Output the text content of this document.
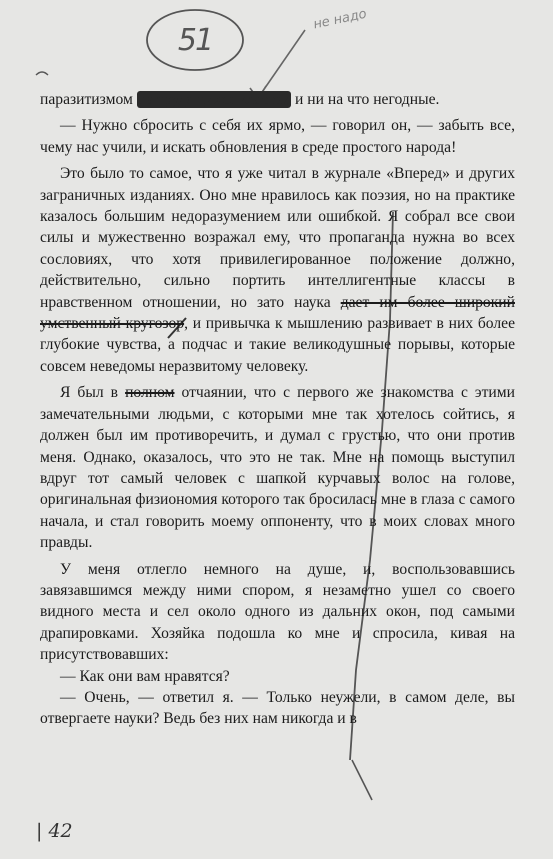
51
не надо

паразитизмом на трудящихся классах и ни на что негодные.

— Нужно сбросить с себя их ярмо, — говорил он, — забыть все, чему нас учили, и искать обновления в среде простого народа!

Это было то самое, что я уже читал в журнале «Вперед» и других заграничных изданиях. Оно мне нравилось как поэзия, но на практике казалось большим недоразумением или ошибкой. Я собрал все свои силы и мужественно возражал ему, что пропаганда нужна во всех сословиях, что хотя привилегированное положение должно, действительно, сильно портить интеллигентные классы в нравственном отношении, но зато наука дает им более широкий умственный кругозор, и привычка к мышлению развивает в них более глубокие чувства, а подчас и такие великодушные порывы, которые совсем неведомы неразвитому человеку.

Я был в полном отчаянии, что с первого же знакомства с этими замечательными людьми, с которыми мне так хотелось сойтись, я должен был им противоречить, и думал с грустью, что они против меня. Однако, оказалось, что это не так. Мне на помощь выступил вдруг тот самый человек с шапкой курчавых волос на голове, оригинальная физиономия которого так бросилась мне в глаза с самого начала, и стал говорить моему оппоненту, что в моих словах много правды.

У меня отлегло немного на душе, и, воспользовавшись завязавшимся между ними спором, я незаметно ушел со своего видного места и сел около одного из дальних окон, под самыми драпировками. Хозяйка подошла ко мне и спросила, кивая на присутствовавших:

— Как они вам нравятся?

— Очень, — ответил я. — Только неужели, в самом деле, вы отвергаете науки? Ведь без них нам никогда и в

| 42
